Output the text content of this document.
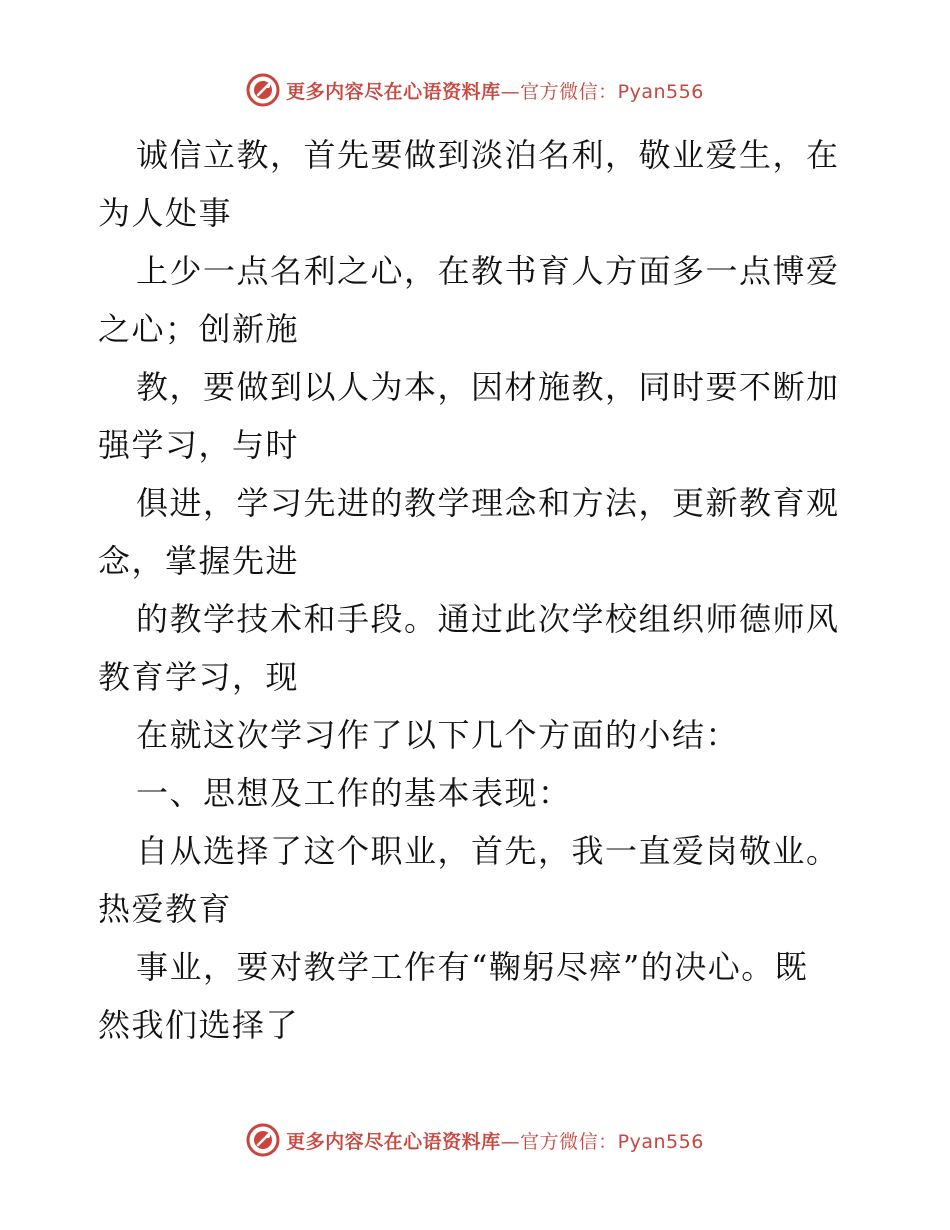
更多内容尽在心语资料库—官方微信：Pyan556
诚信立教，首先要做到淡泊名利，敬业爱生，在
为人处事
上少一点名利之心，在教书育人方面多一点博爱
之心；创新施
教，要做到以人为本，因材施教，同时要不断加
强学习，与时
俱进，学习先进的教学理念和方法，更新教育观
念，掌握先进
的教学技术和手段。通过此次学校组织师德师风
教育学习，现
在就这次学习作了以下几个方面的小结：
一、思想及工作的基本表现：
自从选择了这个职业，首先，我一直爱岗敬业。
热爱教育
事业，要对教学工作有“鞠躬尽瘁”的决心。既
然我们选择了
更多内容尽在心语资料库—官方微信：Pyan556
